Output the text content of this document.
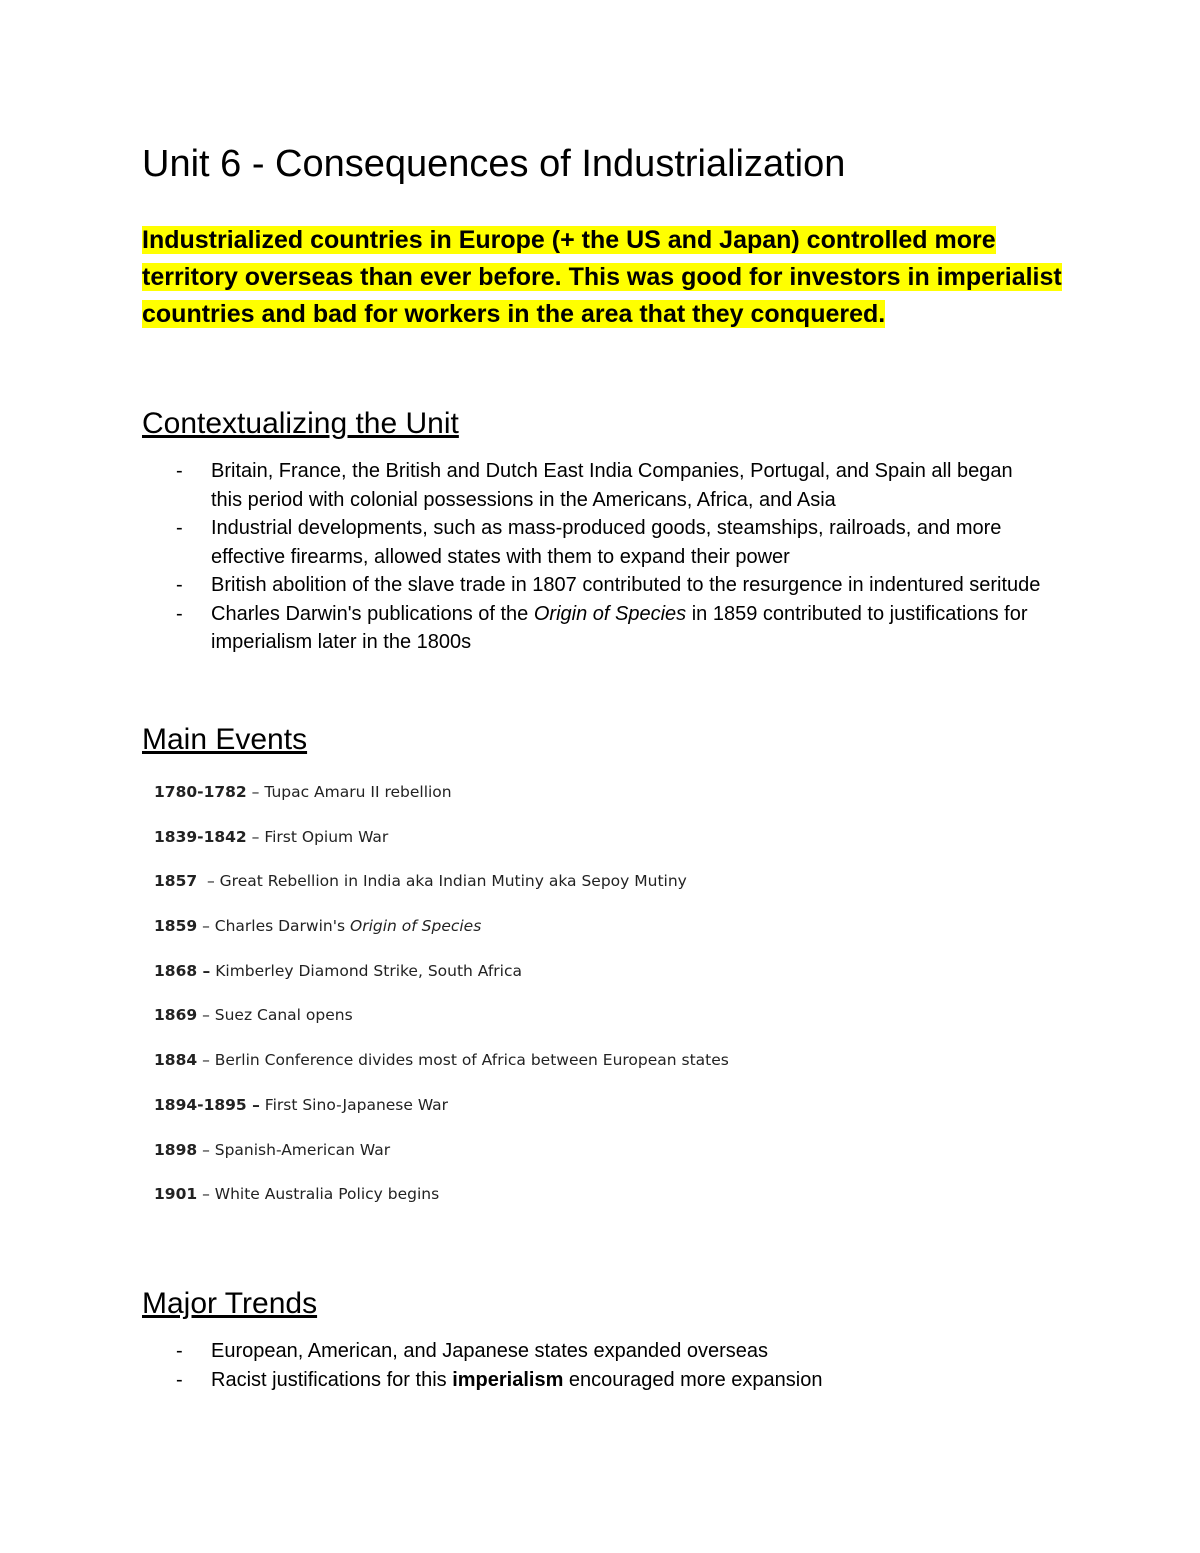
Unit 6 - Consequences of Industrialization

Industrialized countries in Europe (+ the US and Japan) controlled more territory overseas than ever before. This was good for investors in imperialist countries and bad for workers in the area that they conquered.

Contextualizing the Unit
- Britain, France, the British and Dutch East India Companies, Portugal, and Spain all began this period with colonial possessions in the Americans, Africa, and Asia
- Industrial developments, such as mass-produced goods, steamships, railroads, and more effective firearms, allowed states with them to expand their power
- British abolition of the slave trade in 1807 contributed to the resurgence in indentured seritude
- Charles Darwin's publications of the Origin of Species in 1859 contributed to justifications for imperialism later in the 1800s
Main Events
1780-1782 – Tupac Amaru II rebellion
1839-1842 – First Opium War
1857  – Great Rebellion in India aka Indian Mutiny aka Sepoy Mutiny
1859 – Charles Darwin's Origin of Species
1868 – Kimberley Diamond Strike, South Africa
1869 – Suez Canal opens
1884 – Berlin Conference divides most of Africa between European states
1894-1895 – First Sino-Japanese War
1898 – Spanish-American War
1901 – White Australia Policy begins
Major Trends
- European, American, and Japanese states expanded overseas
- Racist justifications for this imperialism encouraged more expansion
